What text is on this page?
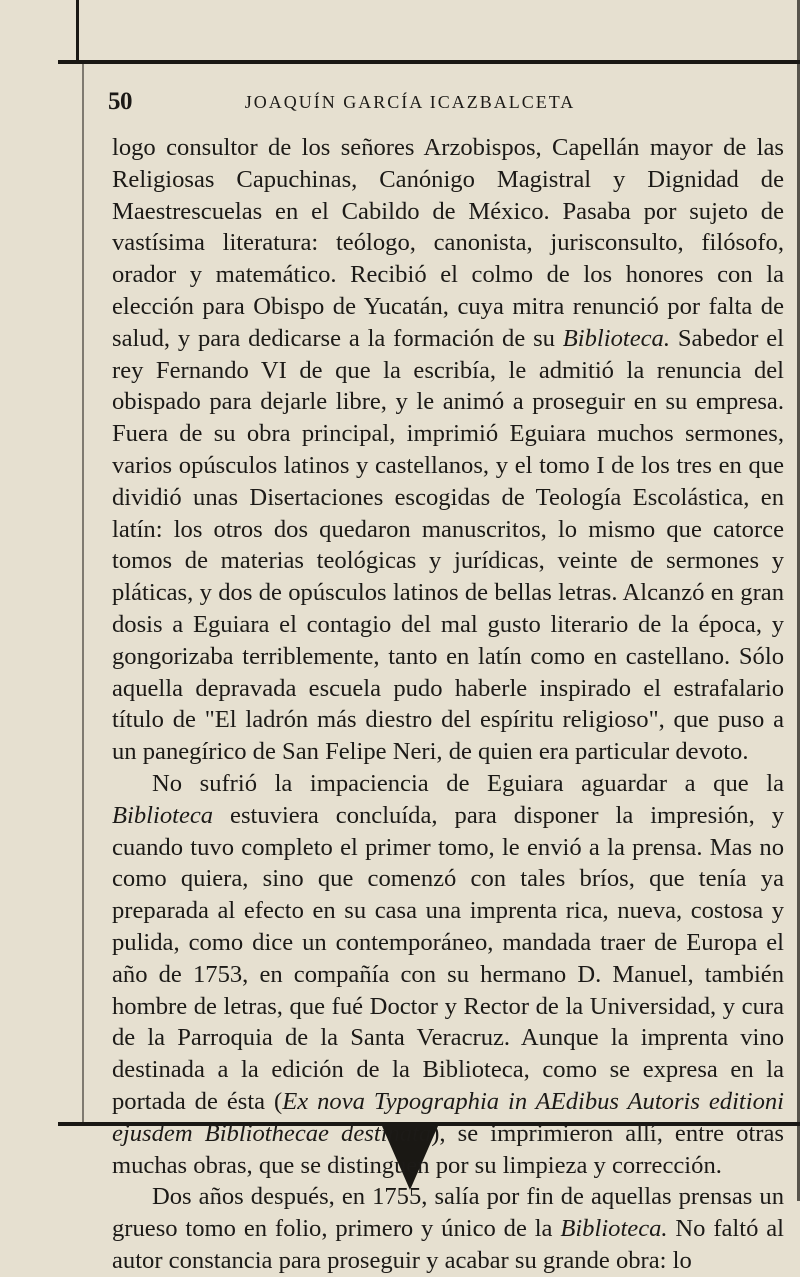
50	JOAQUÍN GARCÍA ICAZBALCETA

logo consultor de los señores Arzobispos, Capellán mayor de las Religiosas Capuchinas, Canónigo Magistral y Dignidad de Maestrescuelas en el Cabildo de México. Pasaba por sujeto de vastísima literatura: teólogo, canonista, jurisconsulto, filósofo, orador y matemático. Recibió el colmo de los honores con la elección para Obispo de Yucatán, cuya mitra renunció por falta de salud, y para dedicarse a la formación de su Biblioteca. Sabedor el rey Fernando VI de que la escribía, le admitió la renuncia del obispado para dejarle libre, y le animó a proseguir en su empresa. Fuera de su obra principal, imprimió Eguiara muchos sermones, varios opúsculos latinos y castellanos, y el tomo I de los tres en que dividió unas Disertaciones escogidas de Teología Escolástica, en latín: los otros dos quedaron manuscritos, lo mismo que catorce tomos de materias teológicas y jurídicas, veinte de sermones y pláticas, y dos de opúsculos latinos de bellas letras. Alcanzó en gran dosis a Eguiara el contagio del mal gusto literario de la época, y gongorizaba terriblemente, tanto en latín como en castellano. Sólo aquella depravada escuela pudo haberle inspirado el estrafalario título de "El ladrón más diestro del espíritu religioso", que puso a un panegírico de San Felipe Neri, de quien era particular devoto.

No sufrió la impaciencia de Eguiara aguardar a que la Biblioteca estuviera concluída, para disponer la impresión, y cuando tuvo completo el primer tomo, le envió a la prensa. Mas no como quiera, sino que comenzó con tales bríos, que tenía ya preparada al efecto en su casa una imprenta rica, nueva, costosa y pulida, como dice un contemporáneo, mandada traer de Europa el año de 1753, en compañía con su hermano D. Manuel, también hombre de letras, que fué Doctor y Rector de la Universidad, y cura de la Parroquia de la Santa Veracruz. Aunque la imprenta vino destinada a la edición de la Biblioteca, como se expresa en la portada de ésta (Ex nova Typographia in AEdibus Autoris editioni ejusdem Bibliothecae destinata), se imprimieron allí, entre otras muchas obras, que se distinguen por su limpieza y corrección.

Dos años después, en 1755, salía por fin de aquellas prensas un grueso tomo en folio, primero y único de la Biblioteca. No faltó al autor constancia para proseguir y acabar su grande obra: lo
